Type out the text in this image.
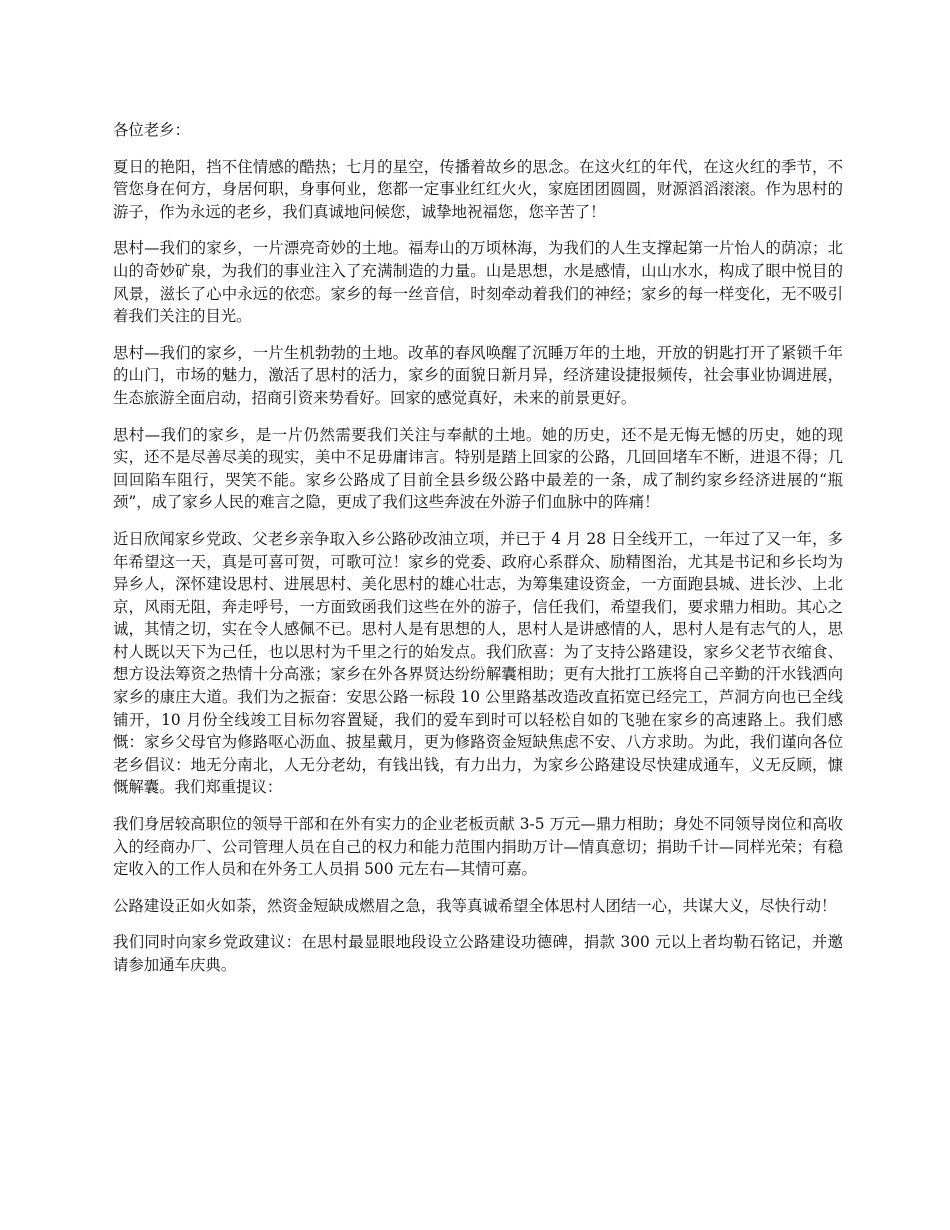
各位老乡：

夏日的艳阳，挡不住情感的酷热；七月的星空，传播着故乡的思念。在这火红的年代，在这火红的季节，不管您身在何方，身居何职，身事何业，您都一定事业红红火火，家庭团团圆圆，财源滔滔滚滚。作为思村的游子，作为永远的老乡，我们真诚地问候您，诚挚地祝福您，您辛苦了！

思村—我们的家乡，一片漂亮奇妙的土地。福寿山的万顷林海，为我们的人生支撑起第一片怡人的荫凉；北山的奇妙矿泉，为我们的事业注入了充满制造的力量。山是思想，水是感情，山山水水，构成了眼中悦目的风景，滋长了心中永远的依恋。家乡的每一丝音信，时刻牵动着我们的神经；家乡的每一样变化，无不吸引着我们关注的目光。

思村—我们的家乡，一片生机勃勃的土地。改革的春风唤醒了沉睡万年的土地，开放的钥匙打开了紧锁千年的山门，市场的魅力，激活了思村的活力，家乡的面貌日新月异，经济建设捷报频传，社会事业协调进展，生态旅游全面启动，招商引资来势看好。回家的感觉真好，未来的前景更好。

思村—我们的家乡，是一片仍然需要我们关注与奉献的土地。她的历史，还不是无悔无憾的历史，她的现实，还不是尽善尽美的现实，美中不足毋庸讳言。特别是踏上回家的公路，几回回堵车不断，进退不得；几回回陷车阻行，哭笑不能。家乡公路成了目前全县乡级公路中最差的一条，成了制约家乡经济进展的“瓶颈”，成了家乡人民的难言之隐，更成了我们这些奔波在外游子们血脉中的阵痛！

近日欣闻家乡党政、父老乡亲争取入乡公路砂改油立项，并已于 4 月 28 日全线开工，一年过了又一年，多年希望这一天，真是可喜可贺，可歌可泣！家乡的党委、政府心系群众、励精图治，尤其是书记和乡长均为异乡人，深怀建设思村、进展思村、美化思村的雄心壮志，为筹集建设资金，一方面跑县城、进长沙、上北京，风雨无阻，奔走呼号，一方面致函我们这些在外的游子，信任我们，希望我们，要求鼎力相助。其心之诚，其情之切，实在令人感佩不已。思村人是有思想的人，思村人是讲感情的人，思村人是有志气的人，思村人既以天下为己任，也以思村为千里之行的始发点。我们欣喜：为了支持公路建设，家乡父老节衣缩食、想方设法筹资之热情十分高涨；家乡在外各界贤达纷纷解囊相助；更有大批打工族将自己辛勤的汗水钱洒向家乡的康庄大道。我们为之振奋：安思公路一标段 10 公里路基改造改直拓宽已经完工，芦洞方向也已全线铺开，10 月份全线竣工目标勿容置疑，我们的爱车到时可以轻松自如的飞驰在家乡的高速路上。我们感慨：家乡父母官为修路呕心沥血、披星戴月，更为修路资金短缺焦虑不安、八方求助。为此，我们谨向各位老乡倡议：地无分南北，人无分老幼，有钱出钱，有力出力，为家乡公路建设尽快建成通车，义无反顾，慷慨解囊。我们郑重提议：

我们身居较高职位的领导干部和在外有实力的企业老板贡献 3-5 万元—鼎力相助；身处不同领导岗位和高收入的经商办厂、公司管理人员在自己的权力和能力范围内捐助万计—情真意切；捐助千计—同样光荣；有稳定收入的工作人员和在外务工人员捐 500 元左右—其情可嘉。

公路建设正如火如荼，然资金短缺成燃眉之急，我等真诚希望全体思村人团结一心，共谋大义，尽快行动！

我们同时向家乡党政建议：在思村最显眼地段设立公路建设功德碑，捐款 300 元以上者均勒石铭记，并邀请参加通车庆典。
